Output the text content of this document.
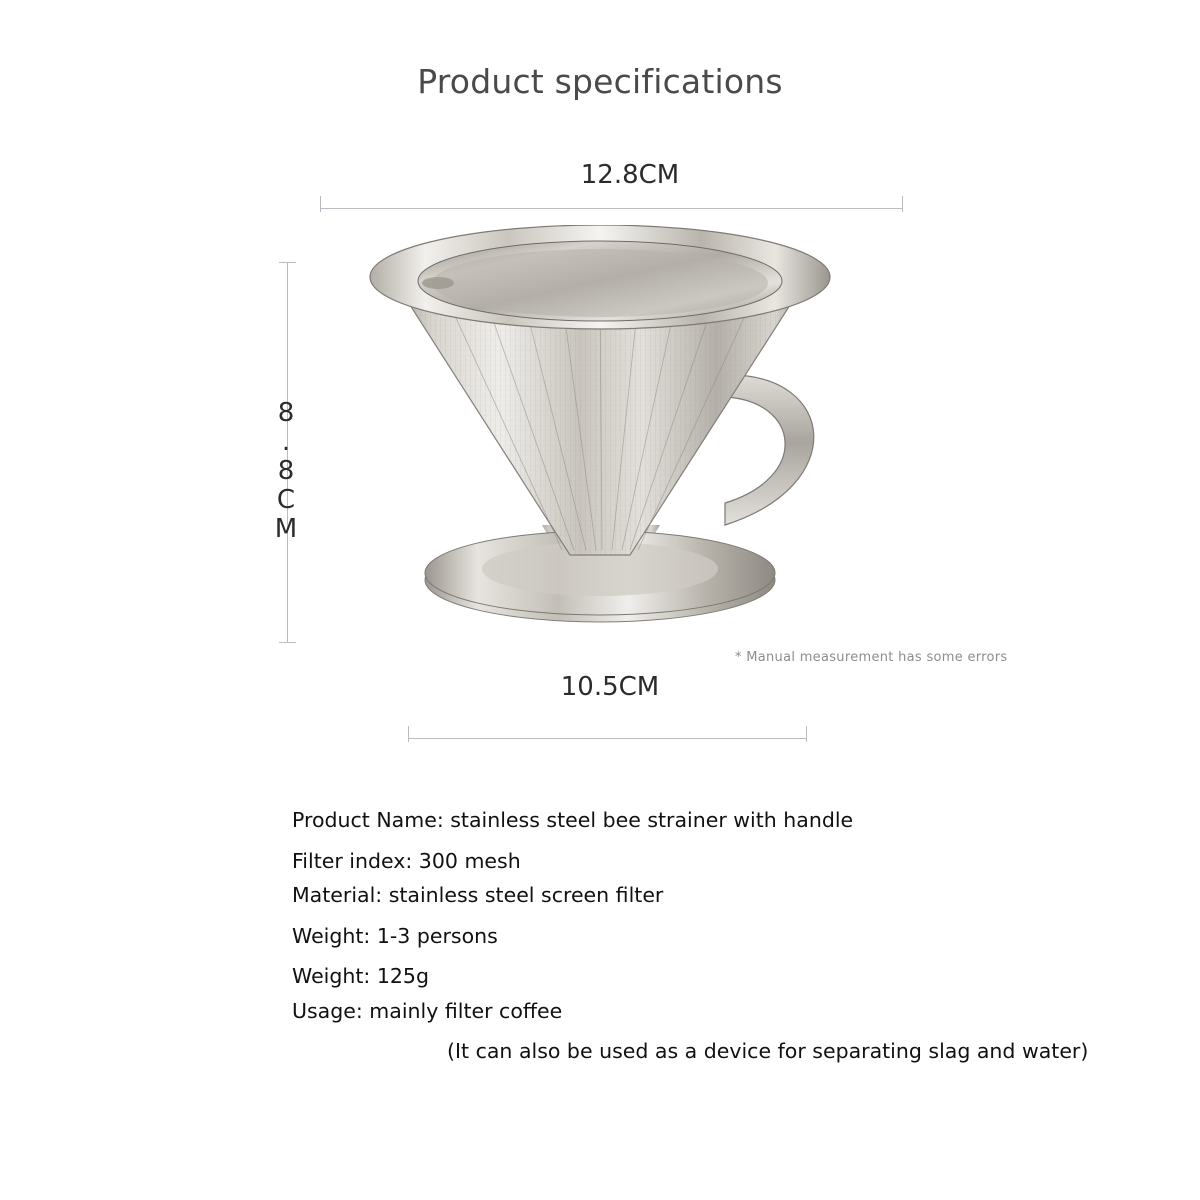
Product specifications
12.8CM
8.8CM
* Manual measurement has some errors
10.5CM
Product Name: stainless steel bee strainer with handle
Filter index: 300 mesh
Material: stainless steel screen filter
Weight: 1-3 persons
Weight: 125g
Usage: mainly filter coffee
(It can also be used as a device for separating slag and water)
